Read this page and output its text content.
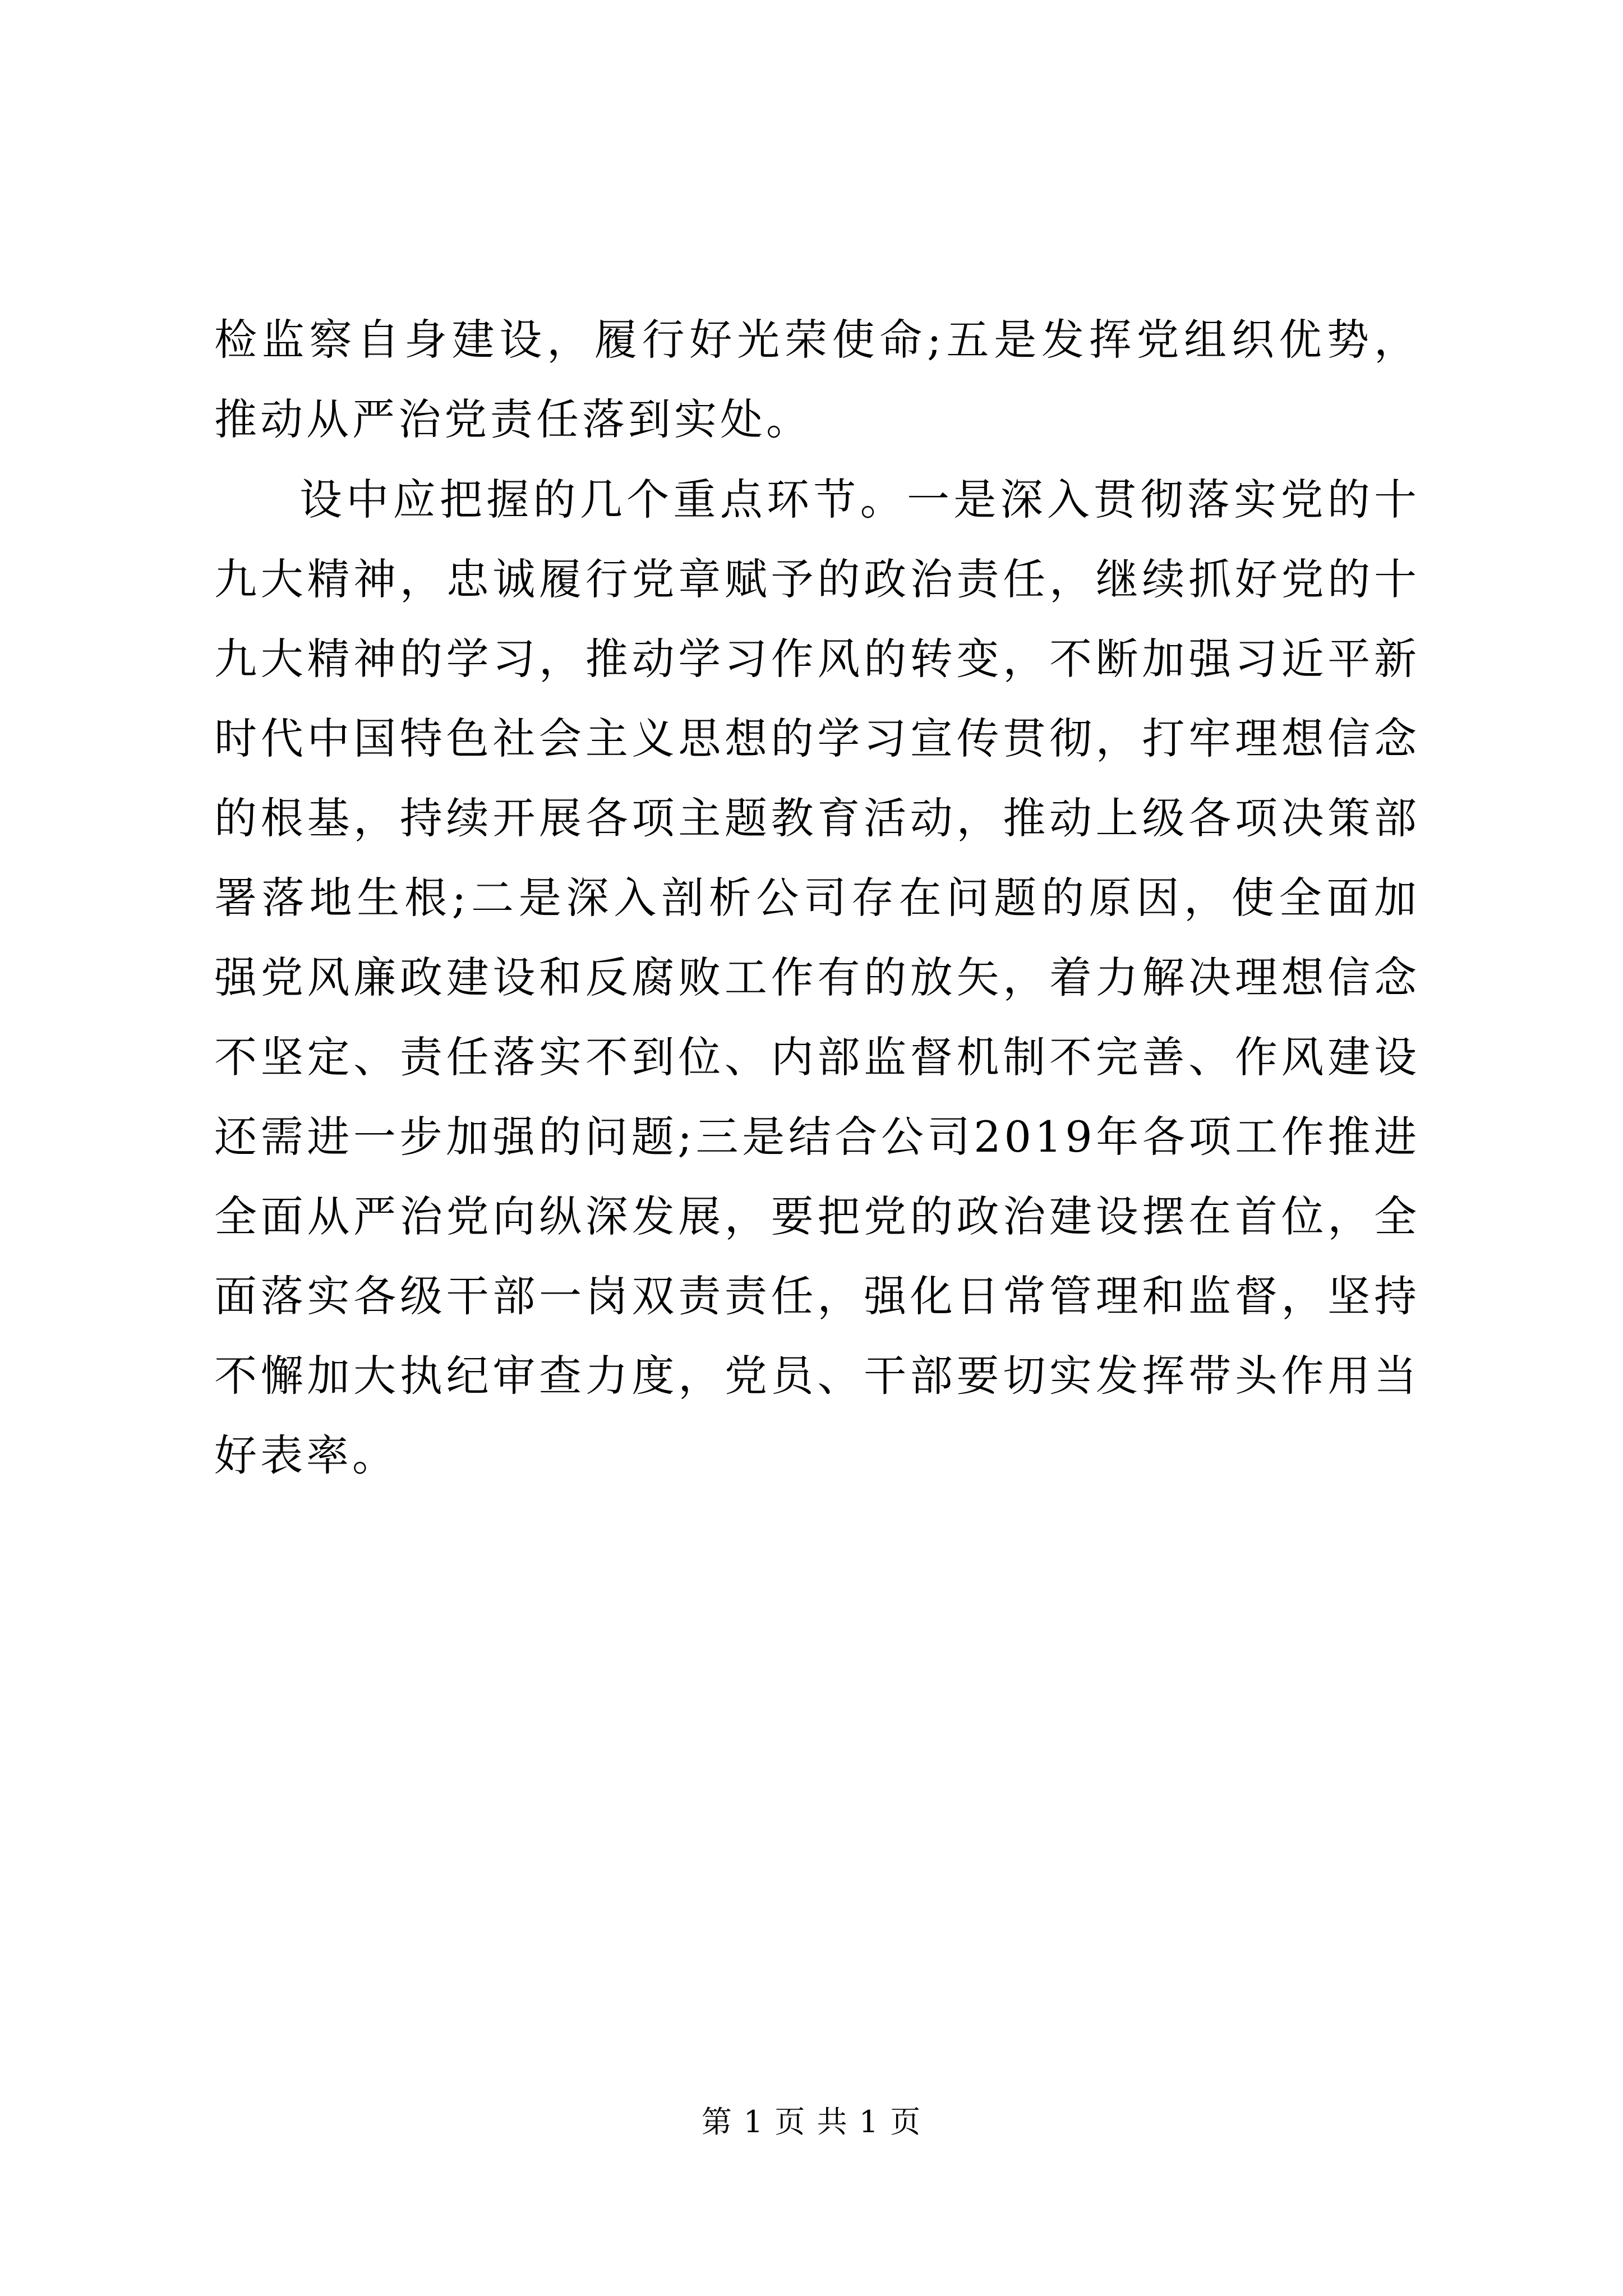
检监察自身建设，履行好光荣使命;五是发挥党组织优势，推动从严治党责任落到实处。

设中应把握的几个重点环节。一是深入贯彻落实党的十九大精神，忠诚履行党章赋予的政治责任，继续抓好党的十九大精神的学习，推动学习作风的转变，不断加强习近平新时代中国特色社会主义思想的学习宣传贯彻，打牢理想信念的根基，持续开展各项主题教育活动，推动上级各项决策部署落地生根;二是深入剖析公司存在问题的原因，使全面加强党风廉政建设和反腐败工作有的放矢，着力解决理想信念不坚定、责任落实不到位、内部监督机制不完善、作风建设还需进一步加强的问题;三是结合公司2019年各项工作推进全面从严治党向纵深发展，要把党的政治建设摆在首位，全面落实各级干部一岗双责责任，强化日常管理和监督，坚持不懈加大执纪审查力度，党员、干部要切实发挥带头作用当好表率。

第 1 页 共 1 页
